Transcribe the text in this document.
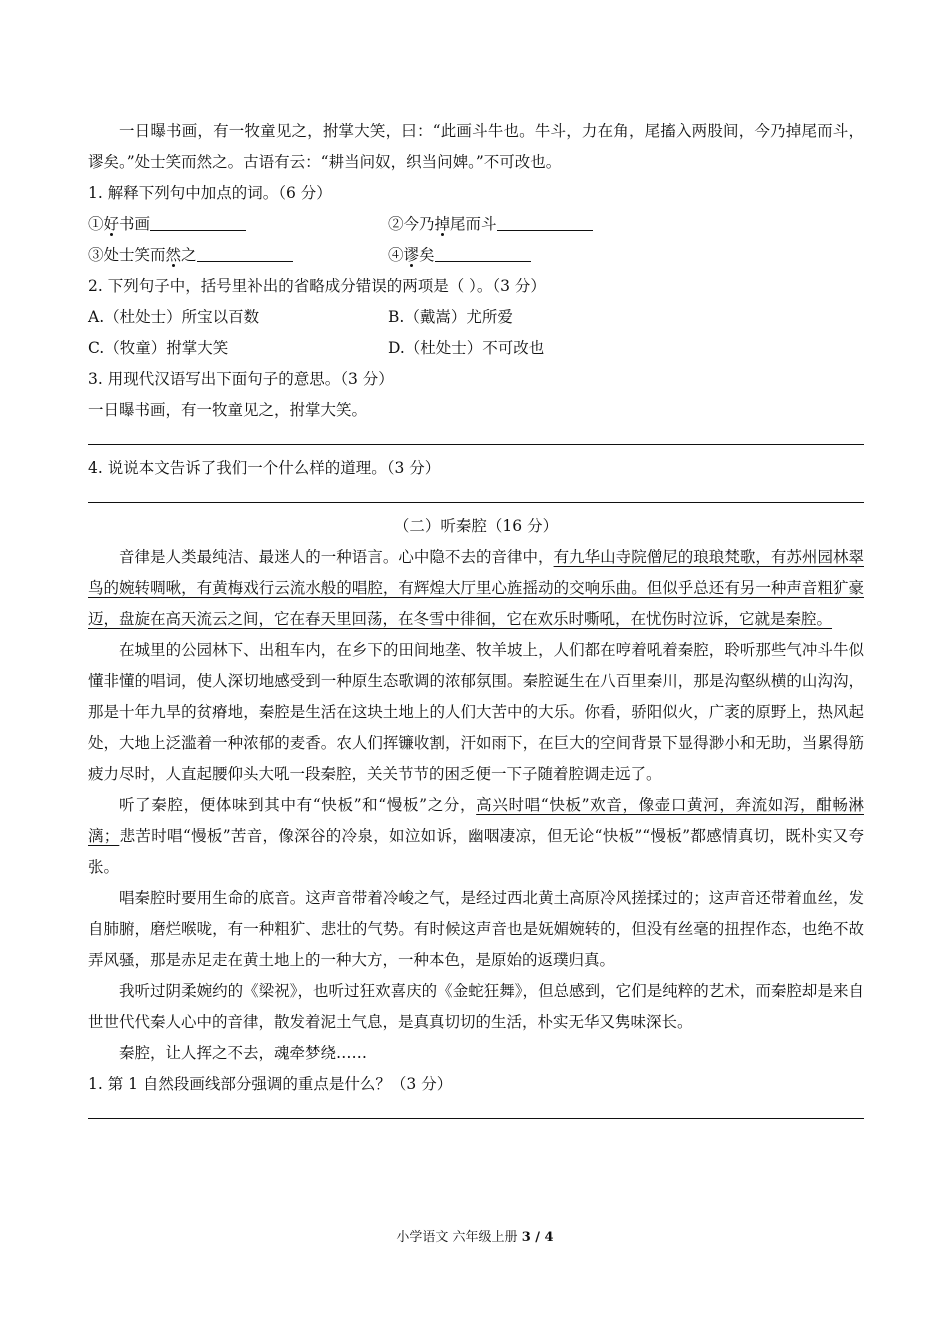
一日曝书画，有一牧童见之，拊掌大笑，曰：“此画斗牛也。牛斗，力在角，尾搐入两股间，今乃掉尾而斗，谬矣。”处士笑而然之。古语有云：“耕当问奴，织当问婢。”不可改也。

1. 解释下列句中加点的词。（6 分）

①好书画	②今乃掉尾而斗
③处士笑而然之	④谬矣

2. 下列句子中，括号里补出的省略成分错误的两项是（ ）。（3 分）

A.（杜处士）所宝以百数	B.（戴嵩）尤所爱
C.（牧童）拊掌大笑	D.（杜处士）不可改也

3. 用现代汉语写出下面句子的意思。（3 分）

一日曝书画，有一牧童见之，拊掌大笑。

4. 说说本文告诉了我们一个什么样的道理。（3 分）

（二）听秦腔（16 分）

音律是人类最纯洁、最迷人的一种语言。心中隐不去的音律中，有九华山寺院僧尼的琅琅梵歌，有苏州园林翠鸟的婉转啁啾，有黄梅戏行云流水般的唱腔，有辉煌大厅里心旌摇动的交响乐曲。但似乎总还有另一种声音粗犷豪迈，盘旋在高天流云之间，它在春天里回荡，在冬雪中徘徊，它在欢乐时嘶吼，在忧伤时泣诉，它就是秦腔。

在城里的公园林下、出租车内，在乡下的田间地垄、牧羊坡上，人们都在哼着吼着秦腔，聆听那些气冲斗牛似懂非懂的唱词，使人深切地感受到一种原生态歌调的浓郁氛围。秦腔诞生在八百里秦川，那是沟壑纵横的山沟沟，那是十年九旱的贫瘠地，秦腔是生活在这块土地上的人们大苦中的大乐。你看，骄阳似火，广袤的原野上，热风起处，大地上泛滥着一种浓郁的麦香。农人们挥镰收割，汗如雨下，在巨大的空间背景下显得渺小和无助，当累得筋疲力尽时，人直起腰仰头大吼一段秦腔，关关节节的困乏便一下子随着腔调走远了。

听了秦腔，便体味到其中有“快板”和“慢板”之分，高兴时唱“快板”欢音，像壶口黄河，奔流如泻，酣畅淋漓；悲苦时唱“慢板”苦音，像深谷的冷泉，如泣如诉，幽咽凄凉，但无论“快板”“慢板”都感情真切，既朴实又夸张。

唱秦腔时要用生命的底音。这声音带着冷峻之气，是经过西北黄土高原冷风搓揉过的；这声音还带着血丝，发自肺腑，磨烂喉咙，有一种粗犷、悲壮的气势。有时候这声音也是妩媚婉转的，但没有丝毫的扭捏作态，也绝不故弄风骚，那是赤足走在黄土地上的一种大方，一种本色，是原始的返璞归真。

我听过阴柔婉约的《梁祝》，也听过狂欢喜庆的《金蛇狂舞》，但总感到，它们是纯粹的艺术，而秦腔却是来自世世代代秦人心中的音律，散发着泥土气息，是真真切切的生活，朴实无华又隽味深长。

秦腔，让人挥之不去，魂牵梦绕……

1. 第 1 自然段画线部分强调的重点是什么？（3 分）

小学语文 六年级上册 3 / 4
